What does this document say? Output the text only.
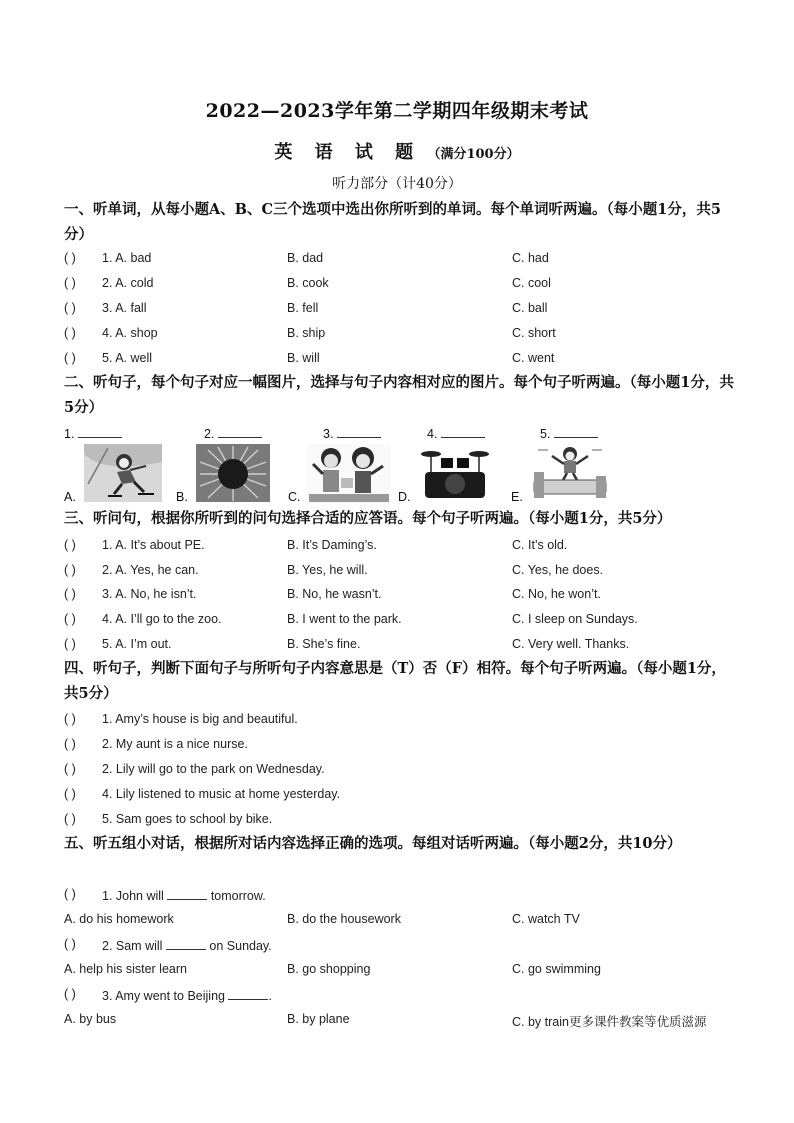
2022—2023学年第二学期四年级期末考试
英 语 试 题 （满分100分）
听力部分（计40分）
一、听单词，从每小题A、B、C三个选项中选出你所听到的单词。每个单词听两遍。（每小题1分，共5分）
( ) 1. A. bad	B. dad	C. had
( ) 2. A. cold	B. cook	C. cool
( ) 3. A. fall	B. fell	C. ball
( ) 4. A. shop	B. ship	C. short
( ) 5. A. well	B. will	C. went
二、听句子，每个句子对应一幅图片，选择与句子内容相对应的图片。每个句子听两遍。（每小题1分，共5分）
1.	2.	3.	4.	5.
A.	B.	C.	D.	E.
三、听问句，根据你所听到的问句选择合适的应答语。每个句子听两遍。（每小题1分，共5分）
( ) 1. A. It’s about PE.	B. It’s Daming’s.	C. It’s old.
( ) 2. A. Yes, he can.	B. Yes, he will.	C. Yes, he does.
( ) 3. A. No, he isn’t.	B. No, he wasn’t.	C. No, he won’t.
( ) 4. A. I’ll go to the zoo.	B. I went to the park.	C. I sleep on Sundays.
( ) 5. A. I’m out.	B. She’s fine.	C. Very well. Thanks.
四、听句子，判断下面句子与所听句子内容意思是（T）否（F）相符。每个句子听两遍。（每小题1分，共5分）
( ) 1. Amy’s house is big and beautiful.
( ) 2. My aunt is a nice nurse.
( ) 2. Lily will go to the park on Wednesday.
( ) 4. Lily listened to music at home yesterday.
( ) 5. Sam goes to school by bike.
五、听五组小对话，根据所对话内容选择正确的选项。每组对话听两遍。（每小题2分，共10分）
( ) 1. John will	tomorrow.
A. do his homework	B. do the housework	C. watch TV
( ) 2. Sam will	on Sunday.
A. help his sister learn	B. go shopping	C. go swimming
( ) 3. Amy went to Beijing	.
A. by bus	B. by plane	C. by train更多课件教案等优质滋源
